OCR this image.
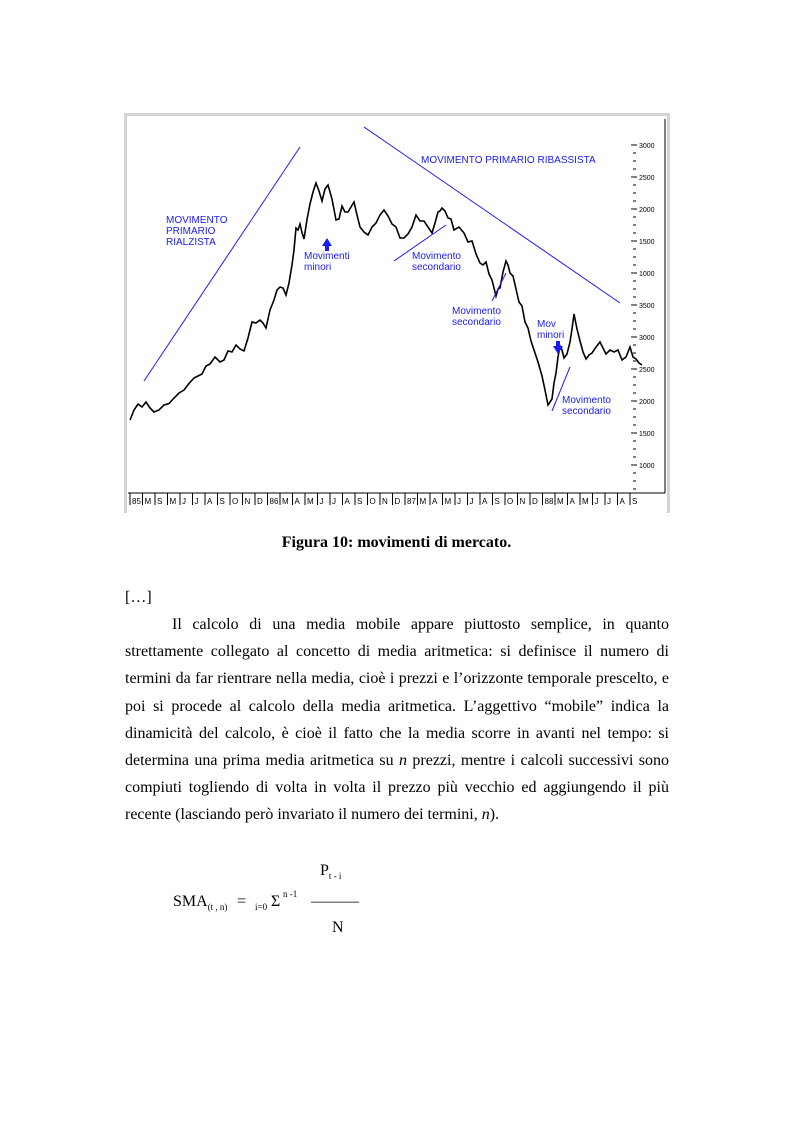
3000
2500
2000
1500
1000
3500
3000
2500
2000
1500
1000
85 M S M J J A S O N D 86 M A M J J A S O N D 87 M A M J J A S O N D 88 M A M J J A S
MOVIMENTO
PRIMARIO
RIALZISTA
MOVIMENTO PRIMARIO RIBASSISTA
Movimenti
minori
Movimento
secondario
Movimento
secondario	Mov
minori
Movimento
secondario
Figura 10: movimenti di mercato.
[…]

Il calcolo di una media mobile appare piuttosto semplice, in quanto
strettamente collegato al concetto di media aritmetica: si definisce il numero di
termini da far rientrare nella media, cioè i prezzi e l’orizzonte temporale prescelto, e
poi si procede al calcolo della media aritmetica. L’aggettivo “mobile” indica la
dinamicità del calcolo, è cioè il fatto che la media scorre in avanti nel tempo: si
determina una prima media aritmetica su n prezzi, mentre i calcoli successivi sono
compiuti togliendo di volta in volta il prezzo più vecchio ed aggiungendo il più
recente (lasciando però invariato il numero dei termini, n).

$P_{t - i}$
$SMA_{(t , n)} = i=0$ Σ n -1 ———
N
